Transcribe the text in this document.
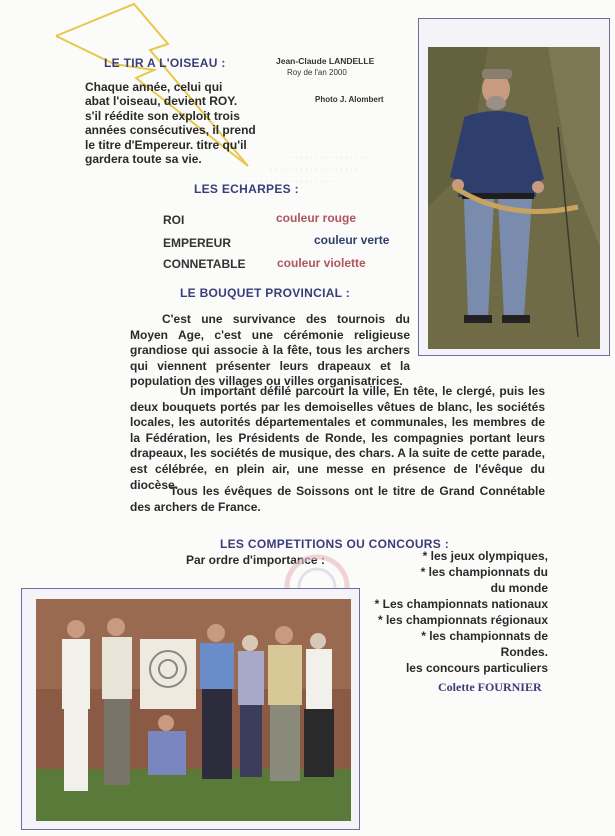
. . . . . . . . . . . . . . . .
. . . . . . . . . . . . . . . . . .
. . . . . . . . . . . . . . . . . . . .
LE TIR A L'OISEAU :
Chaque année, celui qui
abat l'oiseau, devient ROY.
s'il réédite son exploit trois
années consécutives, il prend
le titre d'Empereur. titre qu'il
gardera toute sa vie.
Jean-Claude LANDELLE
Roy de l'an 2000
Photo J. Alombert
LES ECHARPES :
ROI	couleur rouge
EMPEREUR	couleur verte
CONNETABLE	couleur violette
LE BOUQUET PROVINCIAL :
C'est une survivance des tournois du Moyen Age, c'est une cérémonie religieuse grandiose qui associe à la fête, tous les archers qui viennent présenter leurs drapeaux et la population des villages ou villes organisatrices.
Un important défilé parcourt la ville, En tête, le clergé, puis les deux bouquets portés par les demoiselles vêtues de blanc, les sociétés locales, les autorités départementales et communales, les membres de la Fédération, les Présidents de Ronde, les compagnies portant leurs drapeaux, les sociétés de musique, des chars. A la suite de cette parade, est célébrée, en plein air, une messe en présence de l'évêque du diocèse.
Tous les évêques de Soissons ont le titre de Grand Connétable des archers de France.
LES COMPETITIONS OU CONCOURS :
Par ordre d'importance :	* les jeux olympiques,
* les championnats du
du monde
* Les championnats nationaux
* les championnats régionaux
* les championnats de
Rondes.
les concours particuliers
Colette FOURNIER
